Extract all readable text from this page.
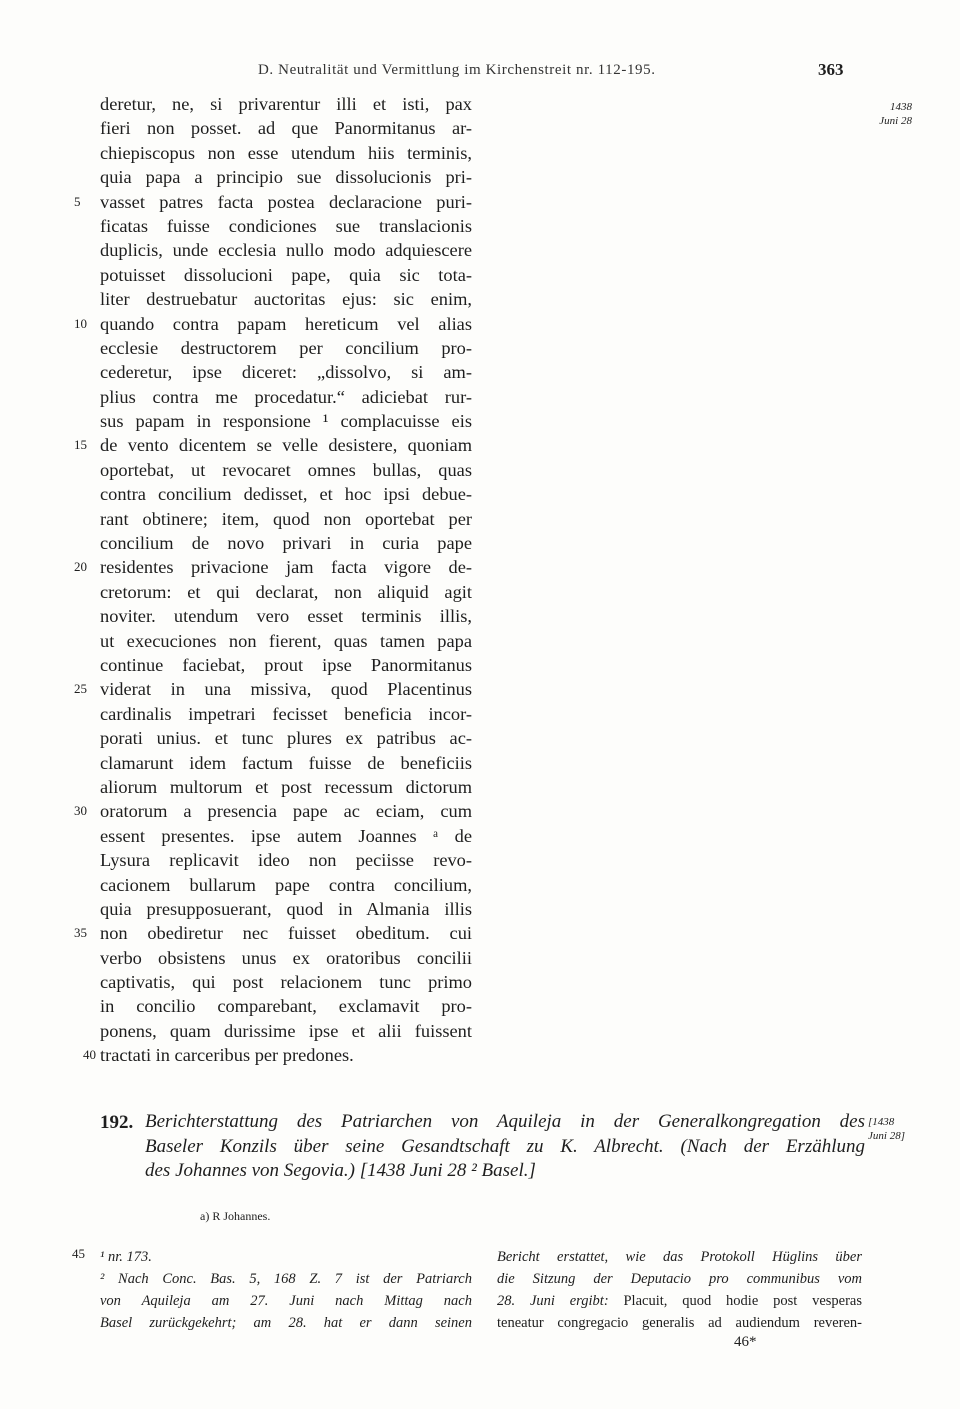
D. Neutralität und Vermittlung im Kirchenstreit nr. 112-195.	363
1438
Juni 28
deretur, ne, si privarentur illi et isti, pax
fieri non posset. ad que Panormitanus ar-
chiepiscopus non esse utendum hiis terminis,
quia papa a principio sue dissolucionis pri-
5	vasset patres facta postea declaracione puri-
ficatas fuisse condiciones sue translacionis
duplicis, unde ecclesia nullo modo adquiescere
potuisset dissolucioni pape, quia sic tota-
liter destruebatur auctoritas ejus: sic enim,
10 quando contra papam hereticum vel alias
ecclesie destructorem per concilium pro-
cederetur, ipse diceret: „dissolvo, si am-
plius contra me procedatur.“ adiciebat rur-
sus papam in responsione ¹ complacuisse eis
15 de vento dicentem se velle desistere, quoniam
oportebat, ut revocaret omnes bullas, quas
contra concilium dedisset, et hoc ipsi debue-
rant obtinere; item, quod non oportebat per
concilium de novo privari in curia pape
20 residentes privacione jam facta vigore de-
cretorum: et qui declarat, non aliquid agit
noviter. utendum vero esset terminis illis,
ut execuciones non fierent, quas tamen papa
continue faciebat, prout ipse Panormitanus
25 viderat in una missiva, quod Placentinus
cardinalis impetrari fecisset beneficia incor-
porati unius. et tunc plures ex patribus ac-
clamarunt idem factum fuisse de beneficiis
aliorum multorum et post recessum dictorum
30 oratorum a presencia pape ac eciam, cum
essent presentes. ipse autem Joannes ᵃ de
Lysura replicavit ideo non peciisse revo-
cacionem bullarum pape contra concilium,
quia presupposuerant, quod in Almania illis
35 non obediretur nec fuisset obeditum. cui
verbo obsistens unus ex oratoribus concilii
captivatis, qui post relacionem tunc primo
in concilio comparebant, exclamavit pro-
ponens, quam durissime ipse et alii fuissent
40 tractati in carceribus per predones.
192. Berichterstattung des Patriarchen von Aquileja in der Generalkongregation des
Baseler Konzils über seine Gesandtschaft zu K. Albrecht. (Nach der Erzählung
des Johannes von Segovia.) [1438 Juni 28 ² Basel.]
[1438
Juni 28]
a) R Johannes.
45 ¹ nr. 173.
² Nach Conc. Bas. 5, 168 Z. 7 ist der Patriarch
von Aquileja am 27. Juni nach Mittag nach
Basel zurückgekehrt; am 28. hat er dann seinen
Bericht erstattet, wie das Protokoll Hüglins über
die Sitzung der Deputacio pro communibus vom
28. Juni ergibt: Placuit, quod hodie post vesperas
teneatur congregacio generalis ad audiendum reveren-
46*
